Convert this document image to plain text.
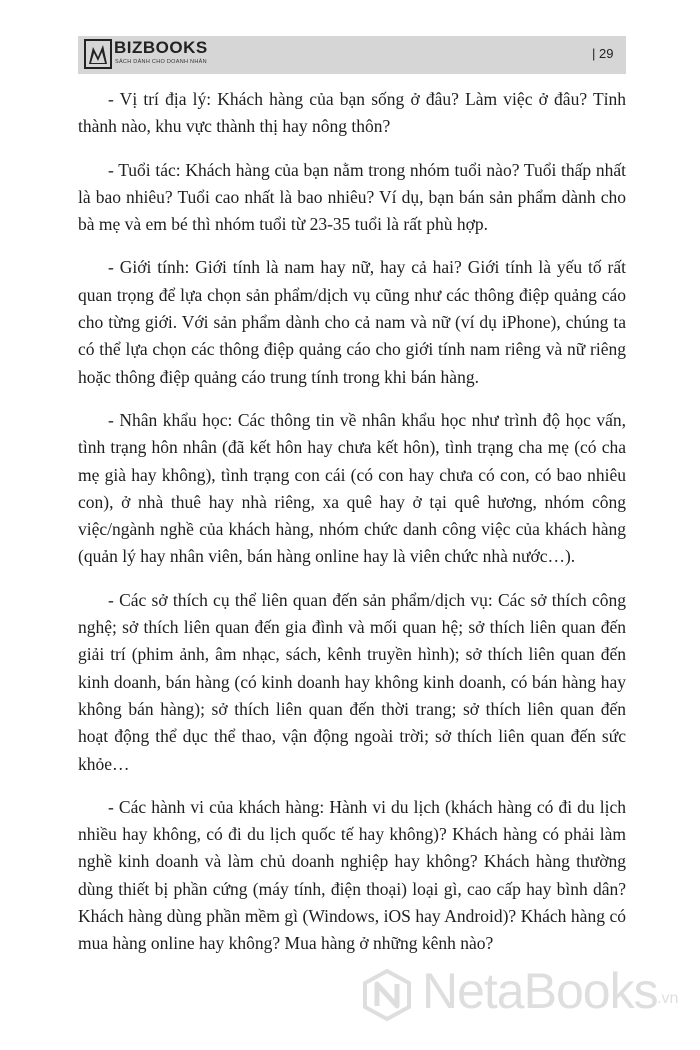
BIZBOOKS
SÁCH DÀNH CHO DOANH NHÂN
| 29

- Vị trí địa lý: Khách hàng của bạn sống ở đâu? Làm việc ở đâu? Tỉnh thành nào, khu vực thành thị hay nông thôn?

- Tuổi tác: Khách hàng của bạn nằm trong nhóm tuổi nào? Tuổi thấp nhất là bao nhiêu? Tuổi cao nhất là bao nhiêu? Ví dụ, bạn bán sản phẩm dành cho bà mẹ và em bé thì nhóm tuổi từ 23-35 tuổi là rất phù hợp.

- Giới tính: Giới tính là nam hay nữ, hay cả hai? Giới tính là yếu tố rất quan trọng để lựa chọn sản phẩm/dịch vụ cũng như các thông điệp quảng cáo cho từng giới. Với sản phẩm dành cho cả nam và nữ (ví dụ iPhone), chúng ta có thể lựa chọn các thông điệp quảng cáo cho giới tính nam riêng và nữ riêng hoặc thông điệp quảng cáo trung tính trong khi bán hàng.

- Nhân khẩu học: Các thông tin về nhân khẩu học như trình độ học vấn, tình trạng hôn nhân (đã kết hôn hay chưa kết hôn), tình trạng cha mẹ (có cha mẹ già hay không), tình trạng con cái (có con hay chưa có con, có bao nhiêu con), ở nhà thuê hay nhà riêng, xa quê hay ở tại quê hương, nhóm công việc/ngành nghề của khách hàng, nhóm chức danh công việc của khách hàng (quản lý hay nhân viên, bán hàng online hay là viên chức nhà nước…).

- Các sở thích cụ thể liên quan đến sản phẩm/dịch vụ: Các sở thích công nghệ; sở thích liên quan đến gia đình và mối quan hệ; sở thích liên quan đến giải trí (phim ảnh, âm nhạc, sách, kênh truyền hình); sở thích liên quan đến kinh doanh, bán hàng (có kinh doanh hay không kinh doanh, có bán hàng hay không bán hàng); sở thích liên quan đến thời trang; sở thích liên quan đến hoạt động thể dục thể thao, vận động ngoài trời; sở thích liên quan đến sức khỏe…

- Các hành vi của khách hàng: Hành vi du lịch (khách hàng có đi du lịch nhiều hay không, có đi du lịch quốc tế hay không)? Khách hàng có phải làm nghề kinh doanh và làm chủ doanh nghiệp hay không? Khách hàng thường dùng thiết bị phần cứng (máy tính, điện thoại) loại gì, cao cấp hay bình dân? Khách hàng dùng phần mềm gì (Windows, iOS hay Android)? Khách hàng có mua hàng online hay không? Mua hàng ở những kênh nào?

NetaBooks .vn
